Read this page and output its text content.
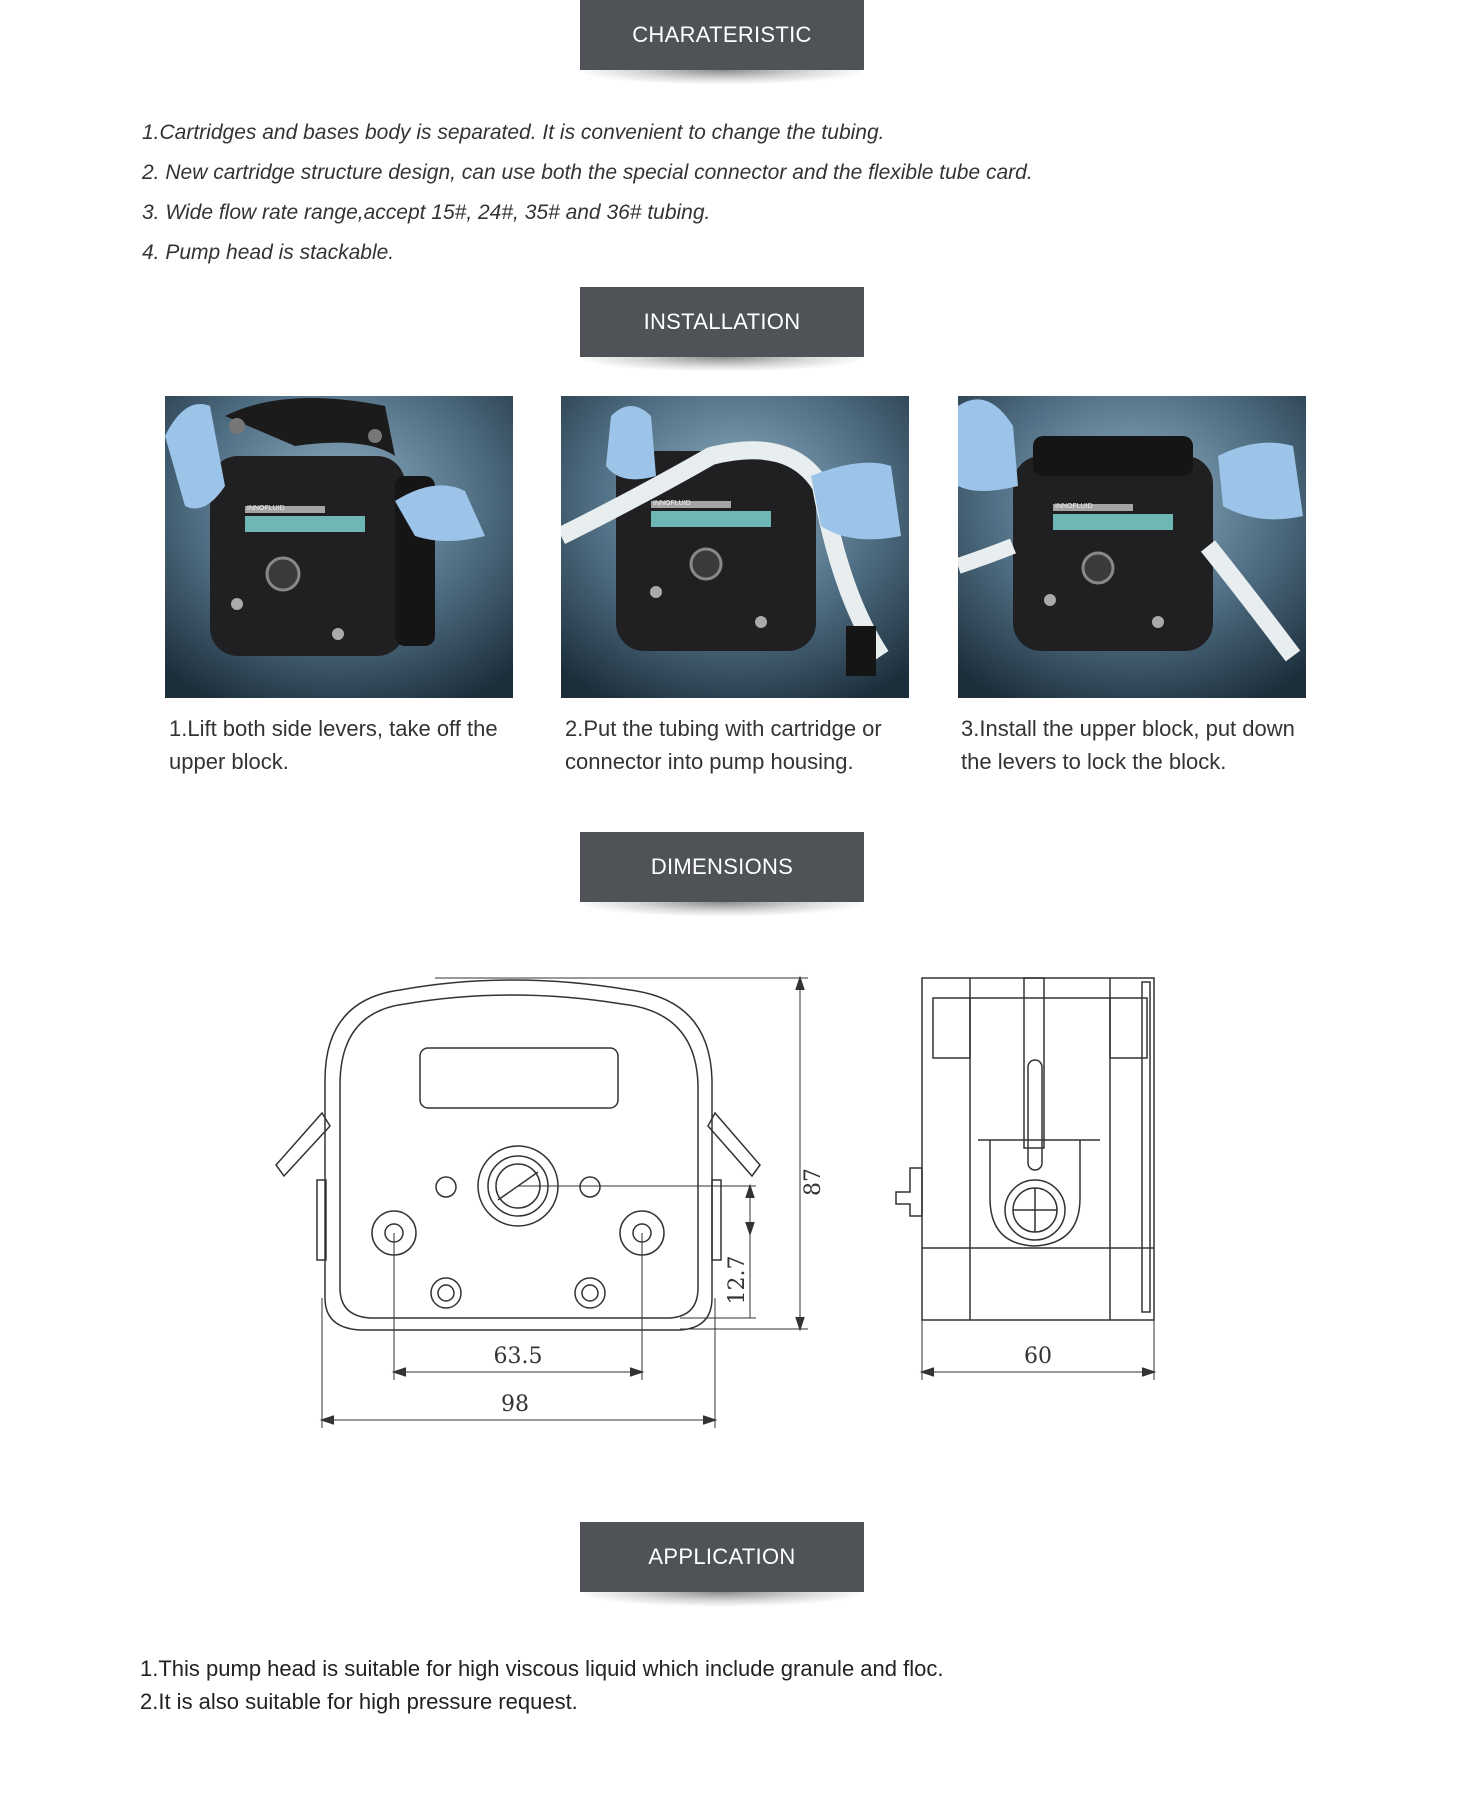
CHARATERISTIC
1.Cartridges and bases body is separated. It is convenient to change the tubing.
2. New cartridge structure design, can use both the special connector and the flexible tube card.
3. Wide flow rate range,accept 15#, 24#, 35# and 36# tubing.
4. Pump head is stackable.
INSTALLATION
INNOFLUID
INNOFLUID	INNOFLUID
1.Lift both side levers, take off the
upper block.
2.Put the tubing with cartridge or
connector into pump housing.
3.Install the upper block, put down
the levers to lock the block.
DIMENSIONS
87
12.7
63.5
98
60
APPLICATION
1.This pump head is suitable for high viscous liquid which include granule and floc.
2.It is also suitable for high pressure request.
